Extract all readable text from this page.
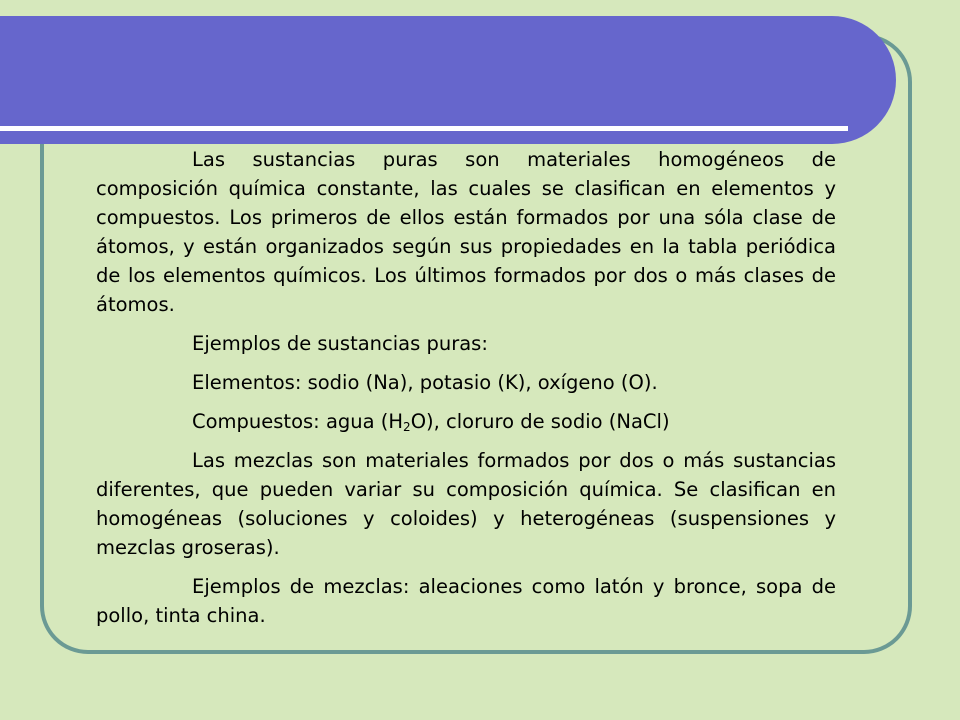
Las sustancias puras son materiales homogéneos de composición química constante, las cuales se clasifican en elementos y compuestos. Los primeros de ellos están formados por una sóla clase de átomos, y están organizados según sus propiedades en la tabla periódica de los elementos químicos. Los últimos formados por dos o más clases de átomos.

Ejemplos de sustancias puras:

Elementos: sodio (Na), potasio (K), oxígeno (O).

Compuestos: agua $(H_2O)$, cloruro de sodio (NaCl)

Las mezclas son materiales formados por dos o más sustancias diferentes, que pueden variar su composición química. Se clasifican en homogéneas (soluciones y coloides) y heterogéneas (suspensiones y mezclas groseras).

Ejemplos de mezclas: aleaciones como latón y bronce, sopa de pollo, tinta china.
